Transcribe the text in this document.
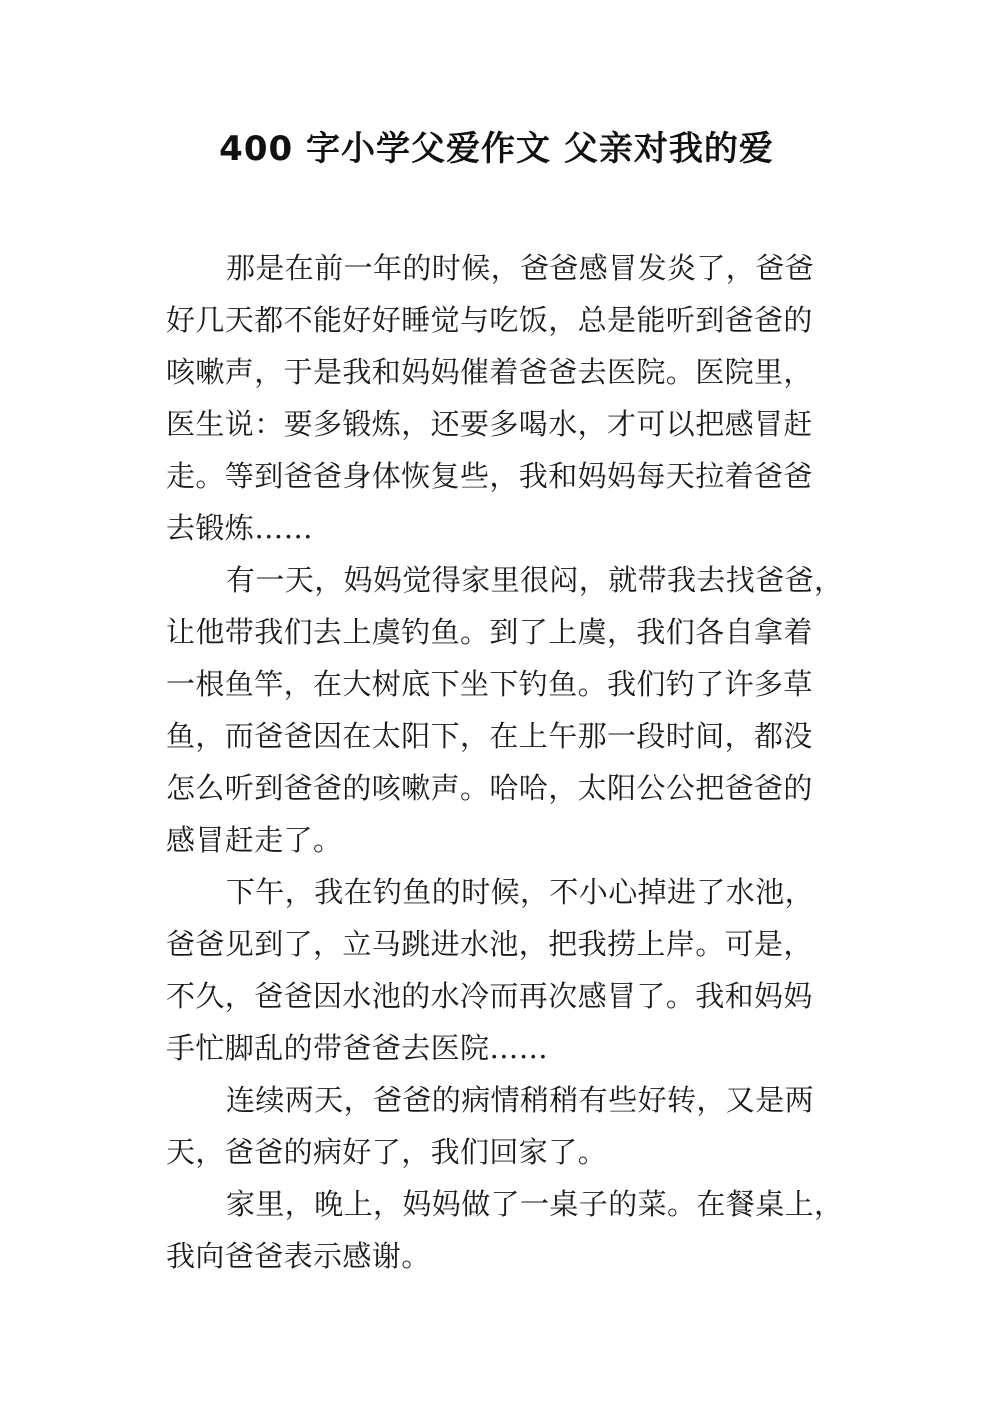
400 字小学父爱作文 父亲对我的爱
那是在前一年的时候，爸爸感冒发炎了，爸爸
好几天都不能好好睡觉与吃饭，总是能听到爸爸的
咳嗽声，于是我和妈妈催着爸爸去医院。医院里，
医生说：要多锻炼，还要多喝水，才可以把感冒赶
走。等到爸爸身体恢复些，我和妈妈每天拉着爸爸
去锻炼……
有一天，妈妈觉得家里很闷，就带我去找爸爸，
让他带我们去上虞钓鱼。到了上虞，我们各自拿着
一根鱼竿，在大树底下坐下钓鱼。我们钓了许多草
鱼，而爸爸因在太阳下，在上午那一段时间，都没
怎么听到爸爸的咳嗽声。哈哈，太阳公公把爸爸的
感冒赶走了。
下午，我在钓鱼的时候，不小心掉进了水池，
爸爸见到了，立马跳进水池，把我捞上岸。可是，
不久，爸爸因水池的水冷而再次感冒了。我和妈妈
手忙脚乱的带爸爸去医院……
连续两天，爸爸的病情稍稍有些好转，又是两
天，爸爸的病好了，我们回家了。
家里，晚上，妈妈做了一桌子的菜。在餐桌上，
我向爸爸表示感谢。
